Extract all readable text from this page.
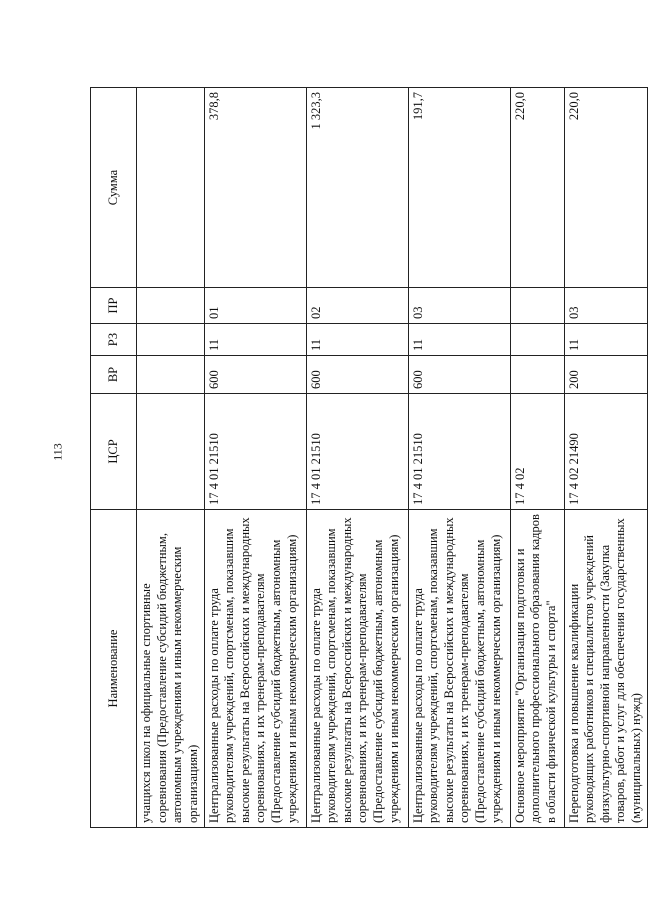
113
Наименование	ЦСР	ВР	РЗ	ПР	Сумма
учащихся школ на официальные спортивные соревнования (Предоставление субсидий бюджетным, автономным учреждениям и иным некоммерческим организациям)					
Централизованные расходы по оплате труда руководителям учреждений, спортсменам, показавшим высокие результаты на Всероссийских и международных соревнованиях, и их тренерам-преподавателям (Предоставление субсидий бюджетным, автономным учреждениям и иным некоммерческим организациям)	17 4 01 21510	600	11	01	378,8
Централизованные расходы по оплате труда руководителям учреждений, спортсменам, показавшим высокие результаты на Всероссийских и международных соревнованиях, и их тренерам-преподавателям (Предоставление субсидий бюджетным, автономным учреждениям и иным некоммерческим организациям)	17 4 01 21510	600	11	02	1 323,3
Централизованные расходы по оплате труда руководителям учреждений, спортсменам, показавшим высокие результаты на Всероссийских и международных соревнованиях, и их тренерам-преподавателям (Предоставление субсидий бюджетным, автономным учреждениям и иным некоммерческим организациям)	17 4 01 21510	600	11	03	191,7
Основное мероприятие "Организация подготовки и дополнительного профессионального образования кадров в области физической культуры и спорта"	17 4 02				220,0
Переподготовка и повышение квалификации руководящих работников и специалистов учреждений физкультурно-спортивной направленности (Закупка товаров, работ и услуг для обеспечения государственных (муниципальных) нужд)	17 4 02 21490	200	11	03	220,0
